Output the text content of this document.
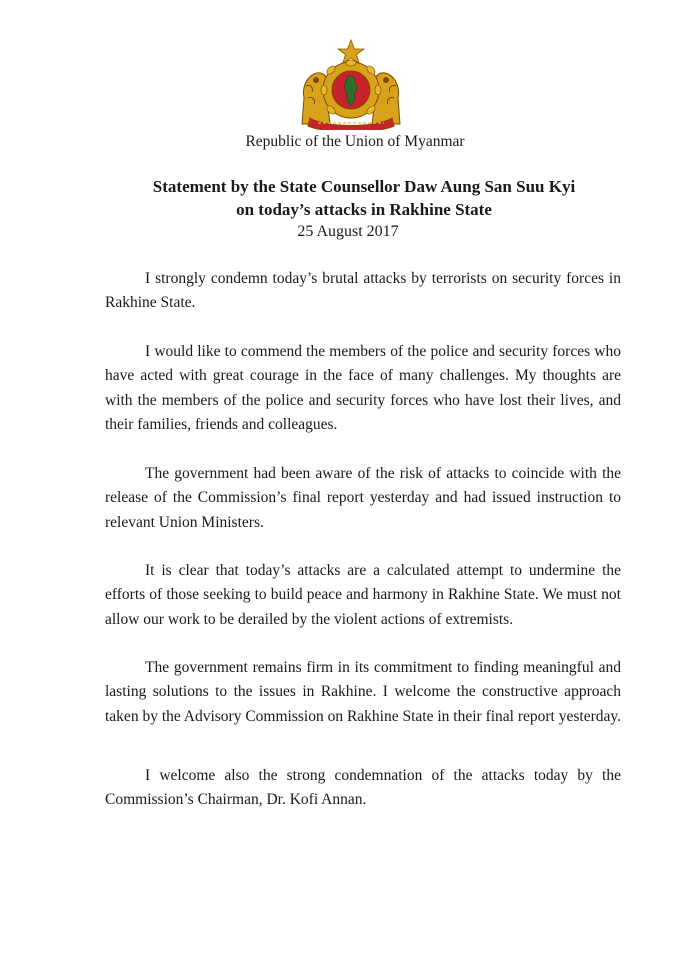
Republic of the Union of Myanmar
Statement by the State Counsellor Daw Aung San Suu Kyi
on today’s attacks in Rakhine State
25 August 2017

I strongly condemn today’s brutal attacks by terrorists on security forces in Rakhine State.

I would like to commend the members of the police and security forces who have acted with great courage in the face of many challenges. My thoughts are with the members of the police and security forces who have lost their lives, and their families, friends and colleagues.

The government had been aware of the risk of attacks to coincide with the release of the Commission’s final report yesterday and had issued instruction to relevant Union Ministers.

It is clear that today’s attacks are a calculated attempt to undermine the efforts of those seeking to build peace and harmony in Rakhine State. We must not allow our work to be derailed by the violent actions of extremists.

The government remains firm in its commitment to finding meaningful and lasting solutions to the issues in Rakhine. I welcome the constructive approach taken by the Advisory Commission on Rakhine State in their final report yesterday.

I welcome also the strong condemnation of the attacks today by the Commission’s Chairman, Dr. Kofi Annan.
